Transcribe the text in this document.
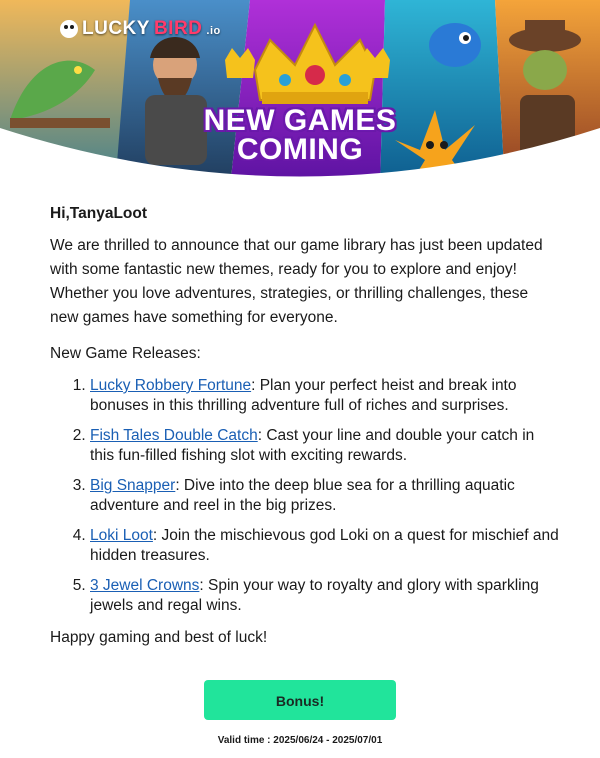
LUCKY BIRD .io
NEW GAMES
COMING

Hi,TanyaLoot

We are thrilled to announce that our game library has just been updated with some fantastic new themes, ready for you to explore and enjoy! Whether you love adventures, strategies, or thrilling challenges, these new games have something for everyone.

New Game Releases:

1. Lucky Robbery Fortune: Plan your perfect heist and break into bonuses in this thrilling adventure full of riches and surprises.
2. Fish Tales Double Catch: Cast your line and double your catch in this fun-filled fishing slot with exciting rewards.
3. Big Snapper: Dive into the deep blue sea for a thrilling aquatic adventure and reel in the big prizes.
4. Loki Loot: Join the mischievous god Loki on a quest for mischief and hidden treasures.
5. 3 Jewel Crowns: Spin your way to royalty and glory with sparkling jewels and regal wins.

Happy gaming and best of luck!

Bonus!
Valid time : 2025/06/24 - 2025/07/01
